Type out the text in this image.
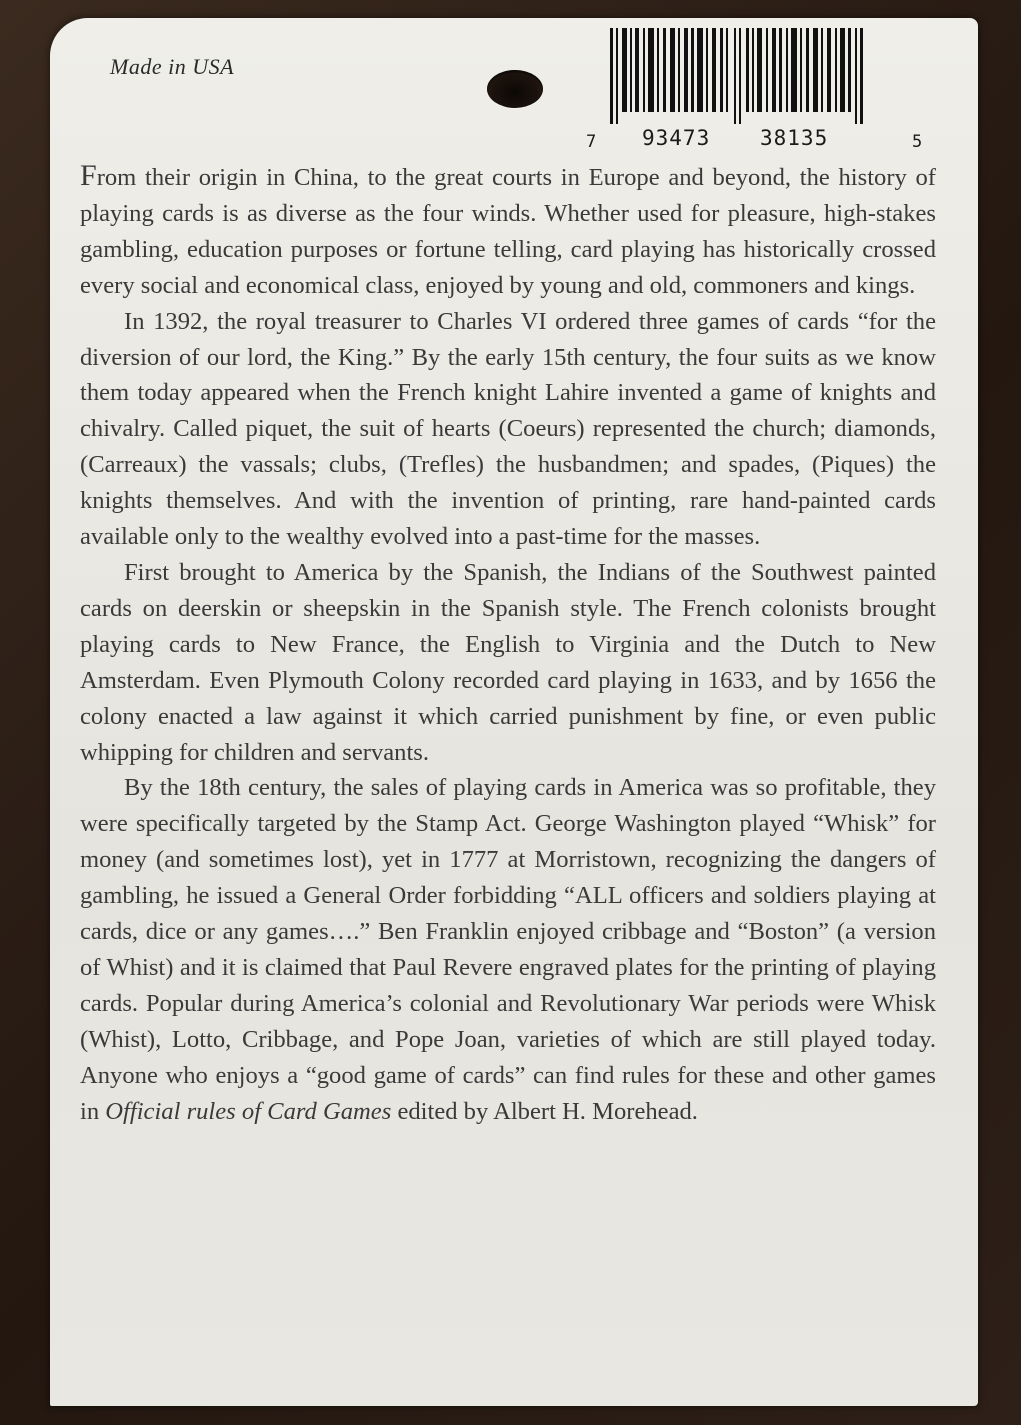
Made in USA
7 93473 38135	5

From their origin in China, to the great courts in Europe and beyond, the history of playing cards is as diverse as the four winds. Whether used for pleasure, high-stakes gambling, education purposes or fortune telling, card playing has historically crossed every social and economical class, enjoyed by young and old, commoners and kings.

In 1392, the royal treasurer to Charles VI ordered three games of cards “for the diversion of our lord, the King.” By the early 15th century, the four suits as we know them today appeared when the French knight Lahire invented a game of knights and chivalry. Called piquet, the suit of hearts (Coeurs) represented the church; diamonds, (Carreaux) the vassals; clubs, (Trefles) the husbandmen; and spades, (Piques) the knights themselves. And with the invention of printing, rare hand-painted cards available only to the wealthy evolved into a past-time for the masses.

First brought to America by the Spanish, the Indians of the Southwest painted cards on deerskin or sheepskin in the Spanish style. The French colonists brought playing cards to New France, the English to Virginia and the Dutch to New Amsterdam. Even Plymouth Colony recorded card playing in 1633, and by 1656 the colony enacted a law against it which carried punishment by fine, or even public whipping for children and servants.

By the 18th century, the sales of playing cards in America was so profitable, they were specifically targeted by the Stamp Act. George Washington played “Whisk” for money (and sometimes lost), yet in 1777 at Morristown, recognizing the dangers of gambling, he issued a General Order forbidding “ALL officers and soldiers playing at cards, dice or any games….” Ben Franklin enjoyed cribbage and “Boston” (a version of Whist) and it is claimed that Paul Revere engraved plates for the printing of playing cards. Popular during America’s colonial and Revolutionary War periods were Whisk (Whist), Lotto, Cribbage, and Pope Joan, varieties of which are still played today. Anyone who enjoys a “good game of cards” can find rules for these and other games in Official rules of Card Games edited by Albert H. Morehead.
